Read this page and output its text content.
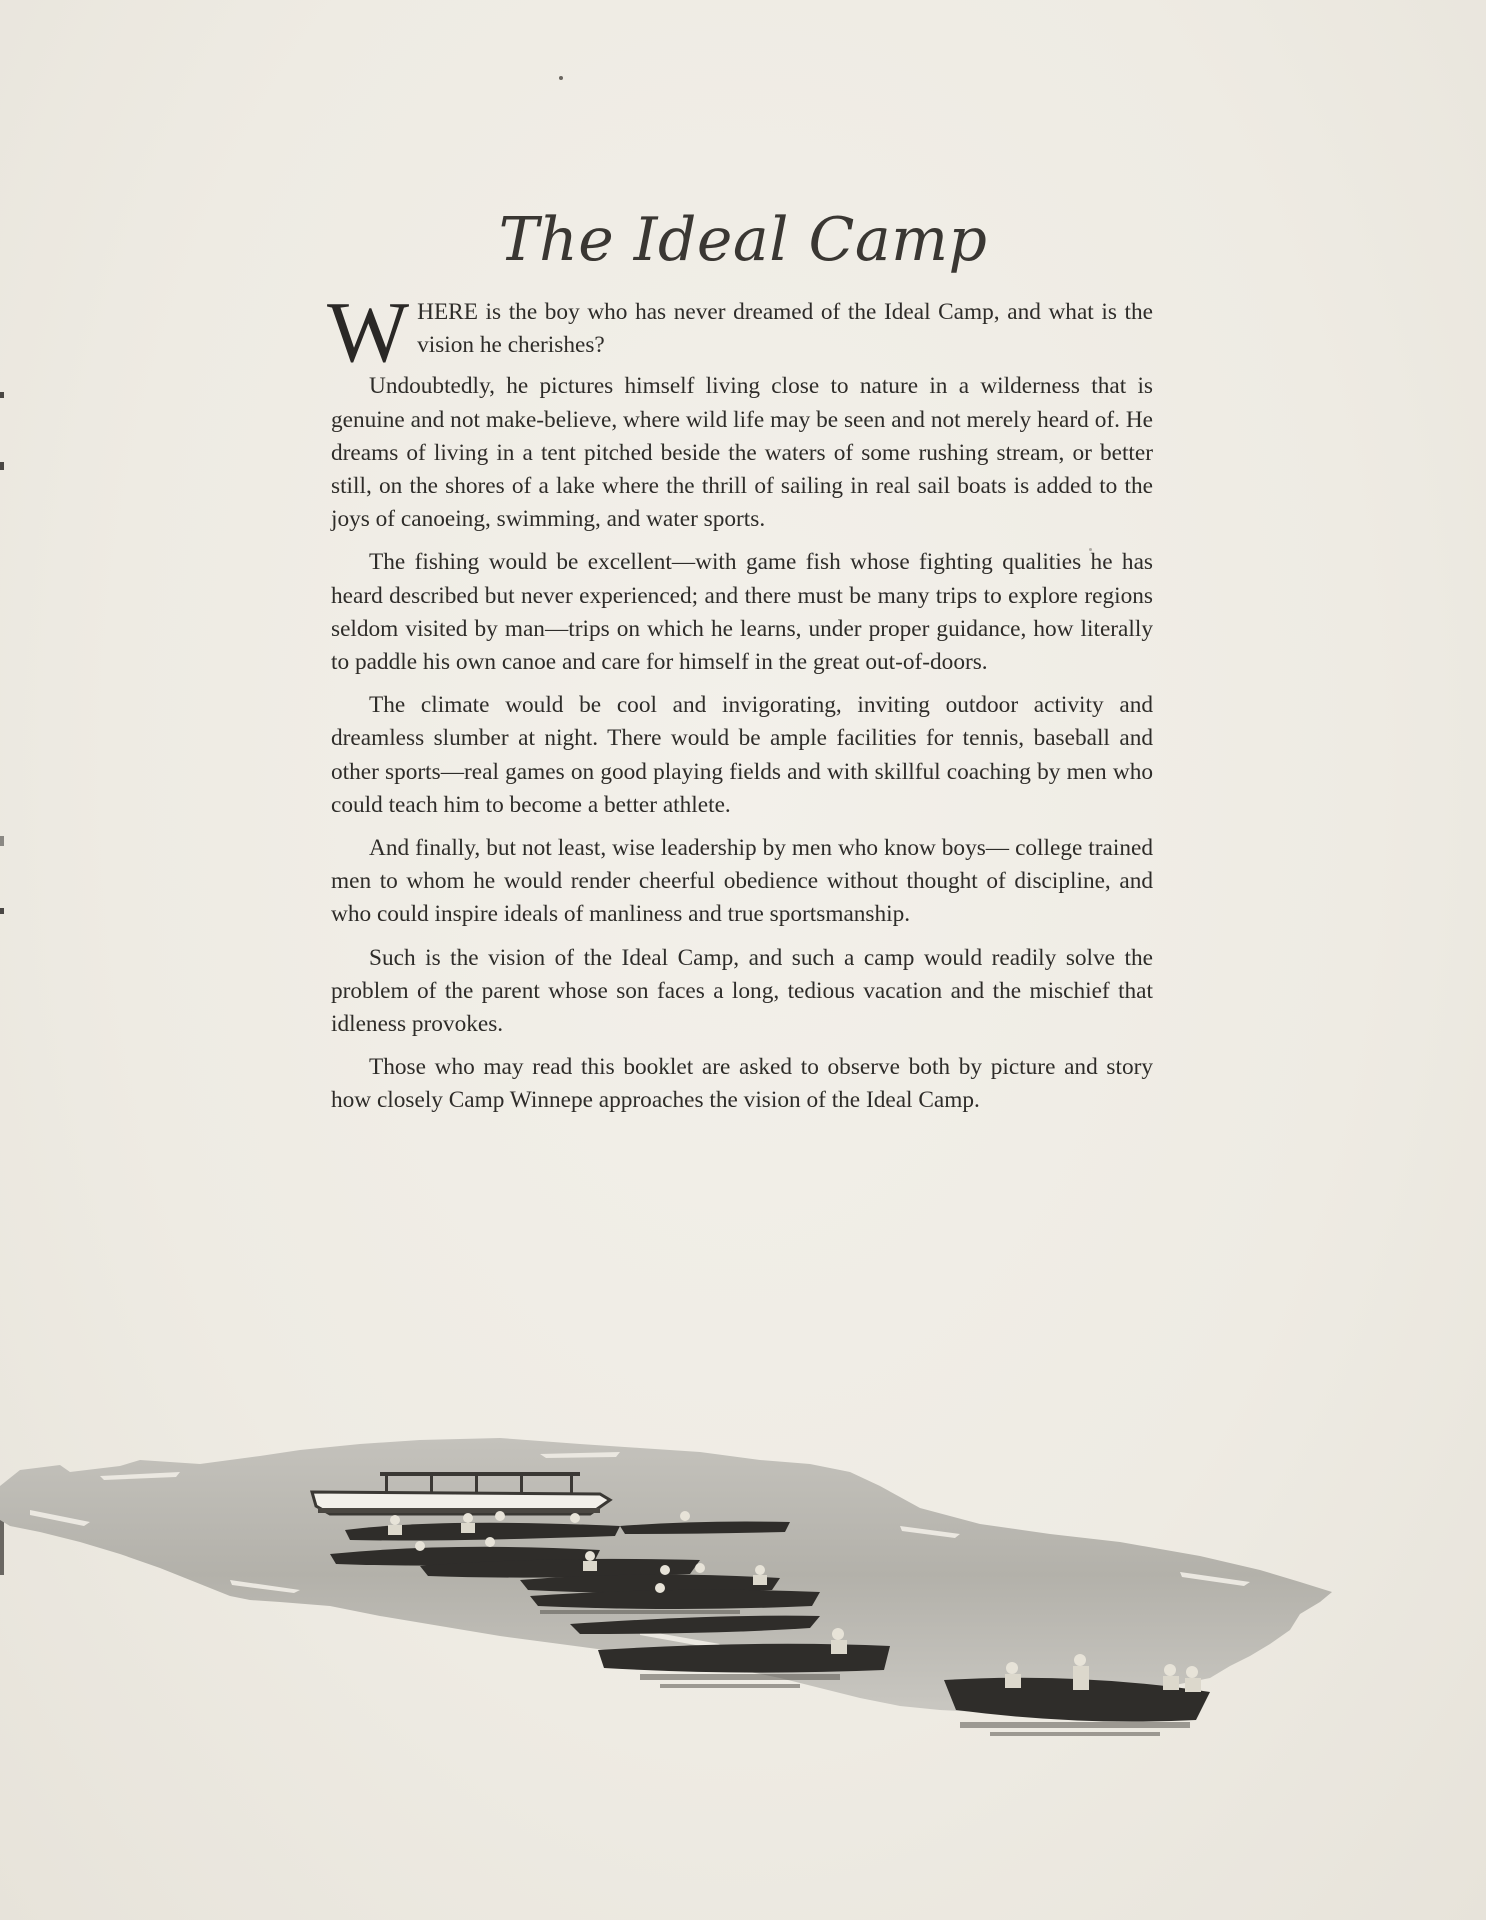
The Ideal Camp

WHERE is the boy who has never dreamed of the Ideal Camp, and what is the vision he cherishes?

Undoubtedly, he pictures himself living close to nature in a wilderness that is genuine and not make-believe, where wild life may be seen and not merely heard of. He dreams of living in a tent pitched beside the waters of some rushing stream, or better still, on the shores of a lake where the thrill of sailing in real sail boats is added to the joys of canoeing, swimming, and water sports.

The fishing would be excellent—with game fish whose fighting qualities he has heard described but never experienced; and there must be many trips to explore regions seldom visited by man—trips on which he learns, under proper guidance, how literally to paddle his own canoe and care for himself in the great out-of-doors.

The climate would be cool and invigorating, inviting outdoor activity and dreamless slumber at night. There would be ample facilities for tennis, baseball and other sports—real games on good playing fields and with skillful coaching by men who could teach him to become a better athlete.

And finally, but not least, wise leadership by men who know boys— college trained men to whom he would render cheerful obedience without thought of discipline, and who could inspire ideals of manliness and true sportsmanship.

Such is the vision of the Ideal Camp, and such a camp would readily solve the problem of the parent whose son faces a long, tedious vacation and the mischief that idleness provokes.

Those who may read this booklet are asked to observe both by picture and story how closely Camp Winnepe approaches the vision of the Ideal Camp.
